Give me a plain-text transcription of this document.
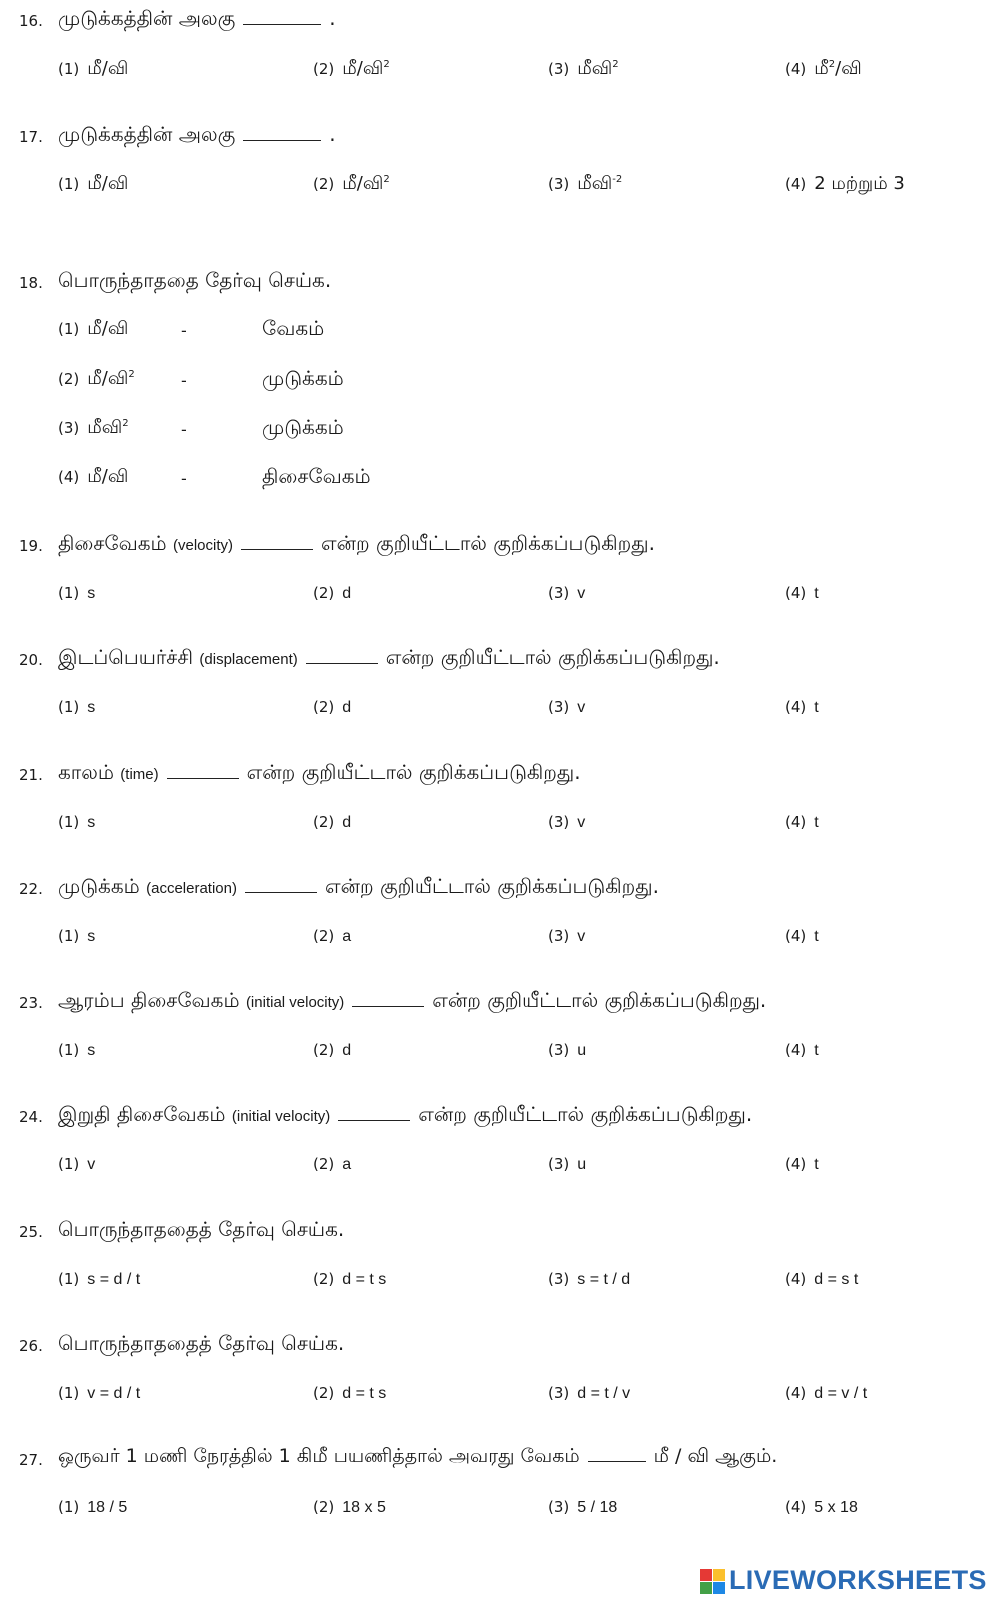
16. முடுக்கத்தின் அலகு	.
(1) மீ/வி	(2) மீ/வி$^2$	(3) மீவி$^2$	(4) மீ$^2$/வி
17. முடுக்கத்தின் அலகு	.
(1) மீ/வி	(2) மீ/வி$^2$	(3) மீவி$^{-2}$	(4) 2 மற்றும் 3
18. பொருந்தாததை தேர்வு செய்க.
(1) மீ/வி	-	வேகம்
(2) மீ/வி$^2$	-	முடுக்கம்
(3) மீவி$^2$	-	முடுக்கம்
(4) மீ/வி	-	திசைவேகம்
19. திசைவேகம் (velocity)	என்ற குறியீட்டால் குறிக்கப்படுகிறது.
(1) s	(2) d	(3) v	(4) t
20. இடப்பெயர்ச்சி (displacement)	என்ற குறியீட்டால் குறிக்கப்படுகிறது.
(1) s	(2) d	(3) v	(4) t
21. காலம் (time)	என்ற குறியீட்டால் குறிக்கப்படுகிறது.
(1) s	(2) d	(3) v	(4) t
22. முடுக்கம் (acceleration)	என்ற குறியீட்டால் குறிக்கப்படுகிறது.
(1) s	(2) a	(3) v	(4) t
23. ஆரம்ப திசைவேகம் (initial velocity)	என்ற குறியீட்டால் குறிக்கப்படுகிறது.
(1) s	(2) d	(3) u	(4) t
24. இறுதி திசைவேகம் (initial velocity)	என்ற குறியீட்டால் குறிக்கப்படுகிறது.
(1) v	(2) a	(3) u	(4) t
25. பொருந்தாததைத் தேர்வு செய்க.
(1) s = d / t	(2) d = t s	(3) s = t / d	(4) d = s t
26. பொருந்தாததைத் தேர்வு செய்க.
(1) v = d / t	(2) d = t s	(3) d = t / v	(4) d = v / t
27. ஒருவர் 1 மணி நேரத்தில் 1 கிமீ பயணித்தால் அவரது வேகம்	மீ / வி ஆகும்.
(1) 18 / 5	(2) 18 x 5	(3) 5 / 18	(4) 5 x 18
LIVEWORKSHEETS
